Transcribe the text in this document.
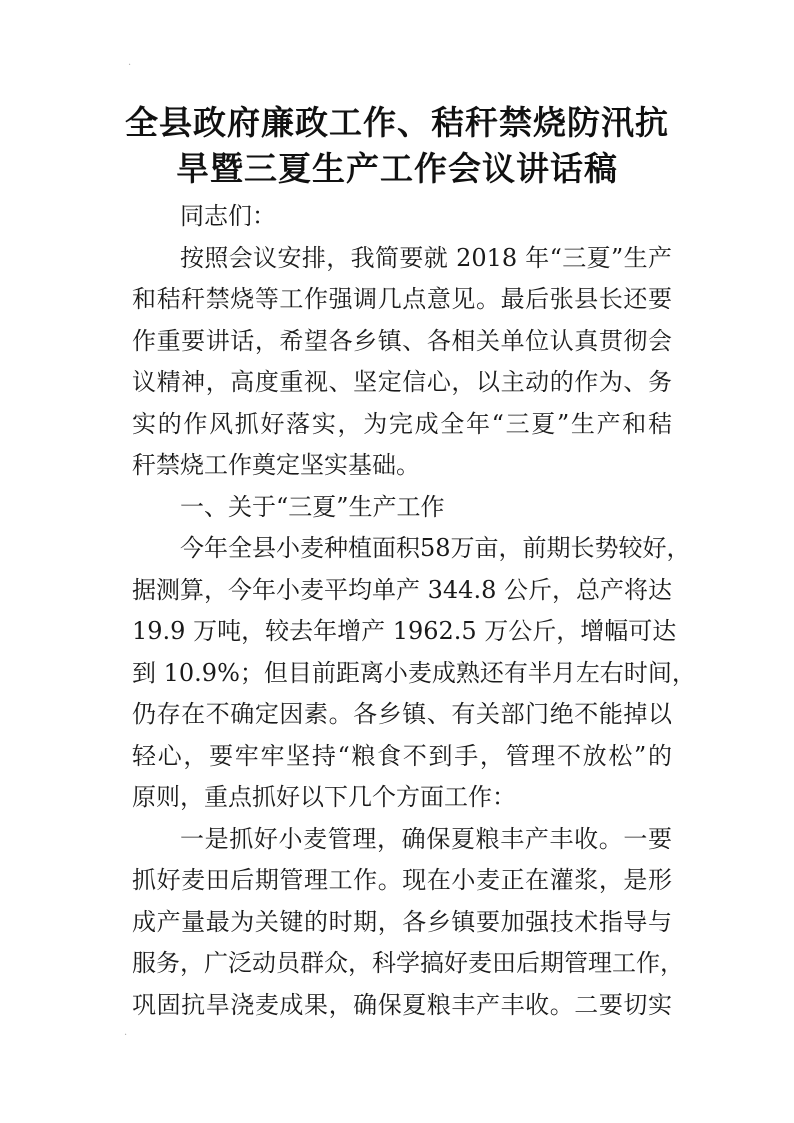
·
全县政府廉政工作、秸秆禁烧防汛抗
旱暨三夏生产工作会议讲话稿
同志们：
按照会议安排，我简要就 2018 年“三夏”生产
和秸秆禁烧等工作强调几点意见。最后张县长还要
作重要讲话，希望各乡镇、各相关单位认真贯彻会
议精神，高度重视、坚定信心，以主动的作为、务
实的作风抓好落实，为完成全年“三夏”生产和秸
秆禁烧工作奠定坚实基础。
一、关于“三夏”生产工作
今年全县小麦种植面积58万亩，前期长势较好，
据测算，今年小麦平均单产 344.8 公斤，总产将达
19.9 万吨，较去年增产 1962.5 万公斤，增幅可达
到 10.9%；但目前距离小麦成熟还有半月左右时间，
仍存在不确定因素。各乡镇、有关部门绝不能掉以
轻心，要牢牢坚持“粮食不到手，管理不放松”的
原则，重点抓好以下几个方面工作：
一是抓好小麦管理，确保夏粮丰产丰收。一要
抓好麦田后期管理工作。现在小麦正在灌浆，是形
成产量最为关键的时期，各乡镇要加强技术指导与
服务，广泛动员群众，科学搞好麦田后期管理工作，
巩固抗旱浇麦成果，确保夏粮丰产丰收。二要切实
·
